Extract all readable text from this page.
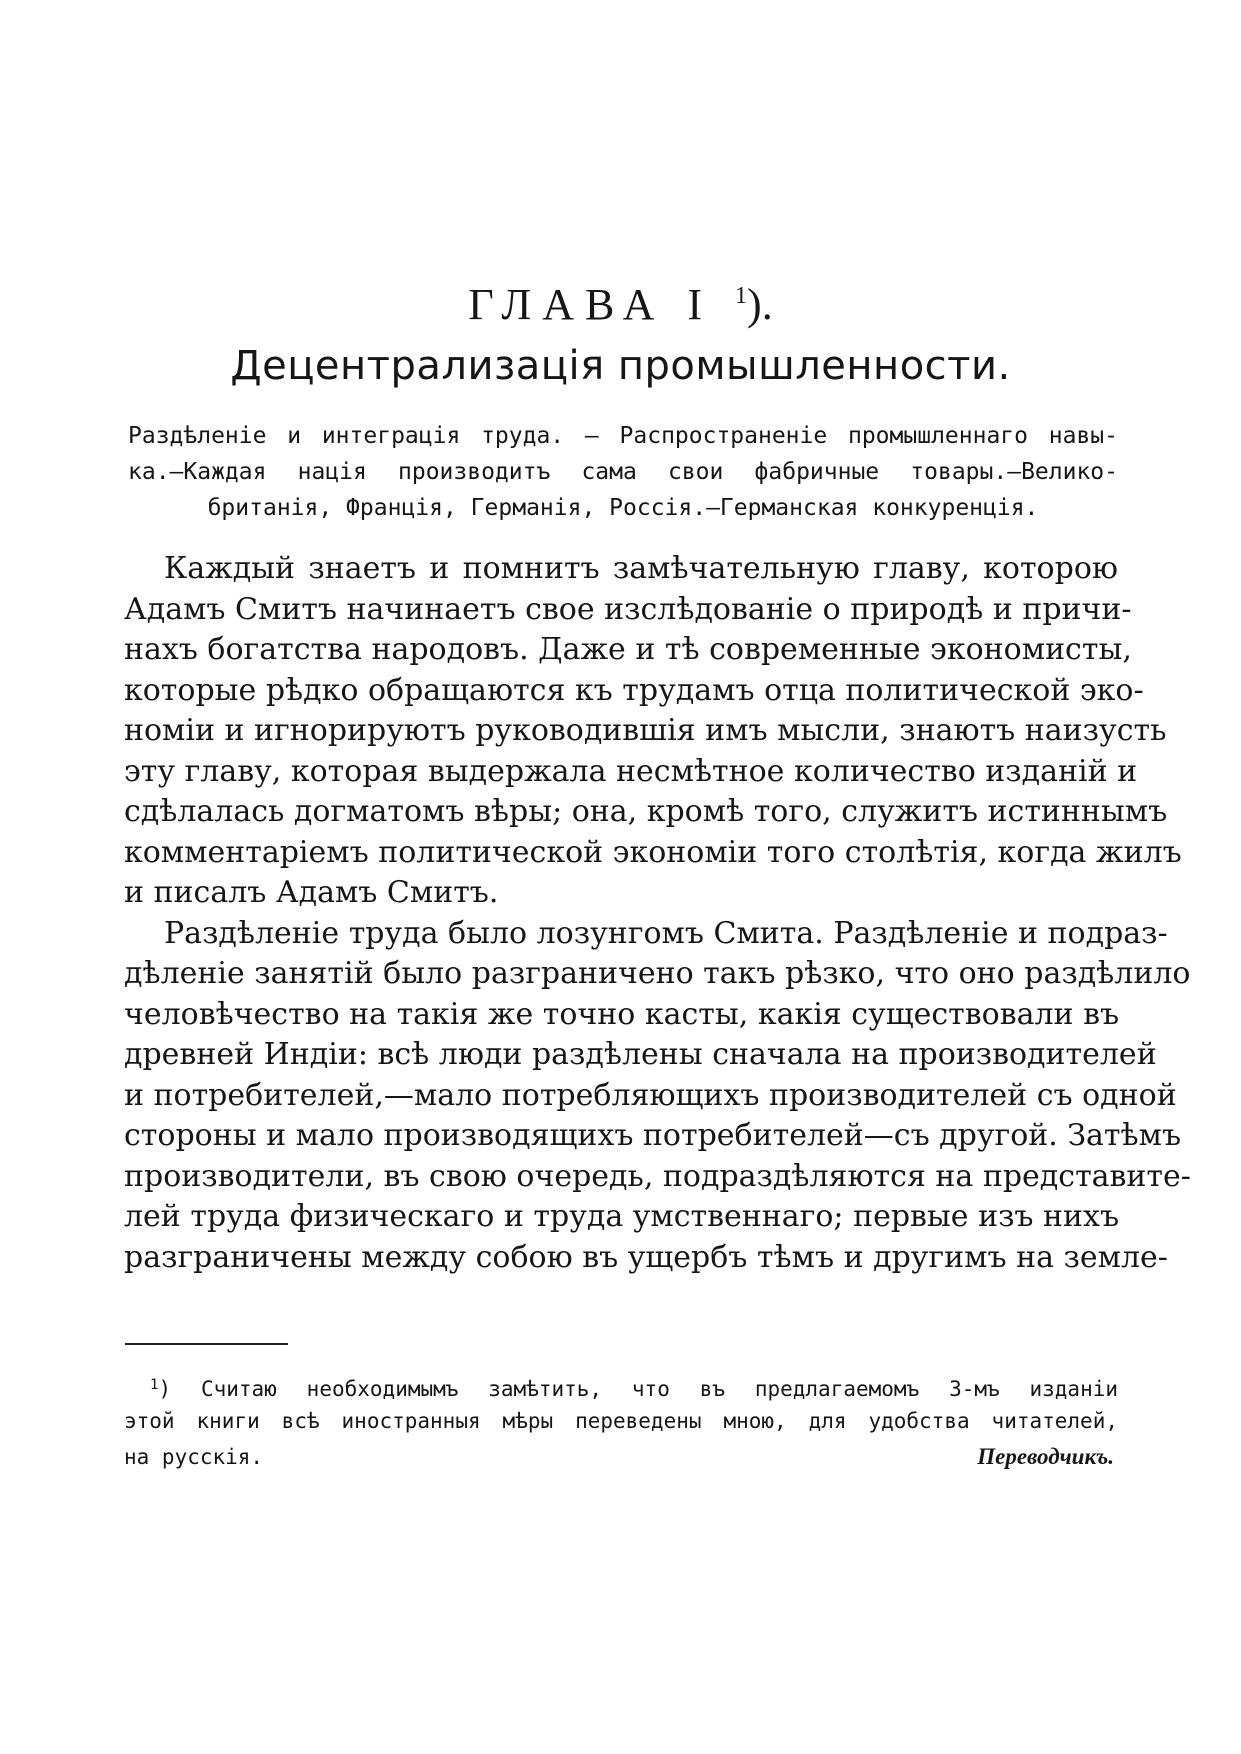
ГЛАВА I $^1$).
Децентрализація промышленности.
Раздѣленіе и интеграція труда. — Распространеніе промышленнаго навы-
ка.—Каждая нація производитъ сама свои фабричные товары.—Велико-
британія, Франція, Германія, Россія.—Германская конкуренція.
Каждый знаетъ и помнитъ замѣчательную главу, которою
Адамъ Смитъ начинаетъ свое изслѣдованіе о природѣ и причи-
нахъ богатства народовъ. Даже и тѣ современные экономисты,
которые рѣдко обращаются къ трудамъ отца политической эко-
номіи и игнорируютъ руководившія имъ мысли, знаютъ наизусть
эту главу, которая выдержала несмѣтное количество изданій и
сдѣлалась догматомъ вѣры; она, кромѣ того, служитъ истиннымъ
комментаріемъ политической экономіи того столѣтія, когда жилъ
и писалъ Адамъ Смитъ.
Раздѣленіе труда было лозунгомъ Смита. Раздѣленіе и подраз-
дѣленіе занятій было разграничено такъ рѣзко, что оно раздѣлило
человѣчество на такія же точно касты, какія существовали въ
древней Индіи: всѣ люди раздѣлены сначала на производителей
и потребителей,—мало потребляющихъ производителей съ одной
стороны и мало производящихъ потребителей—съ другой. Затѣмъ
производители, въ свою очередь, подраздѣляются на представите-
лей труда физическаго и труда умственнаго; первые изъ нихъ
разграничены между собою въ ущербъ тѣмъ и другимъ на земле-
$^1$) Считаю необходимымъ замѣтить, что въ предлагаемомъ 3-мъ изданіи
этой книги всѣ иностранныя мѣры переведены мною, для удобства читателей,
на русскія.	Переводчикъ.
